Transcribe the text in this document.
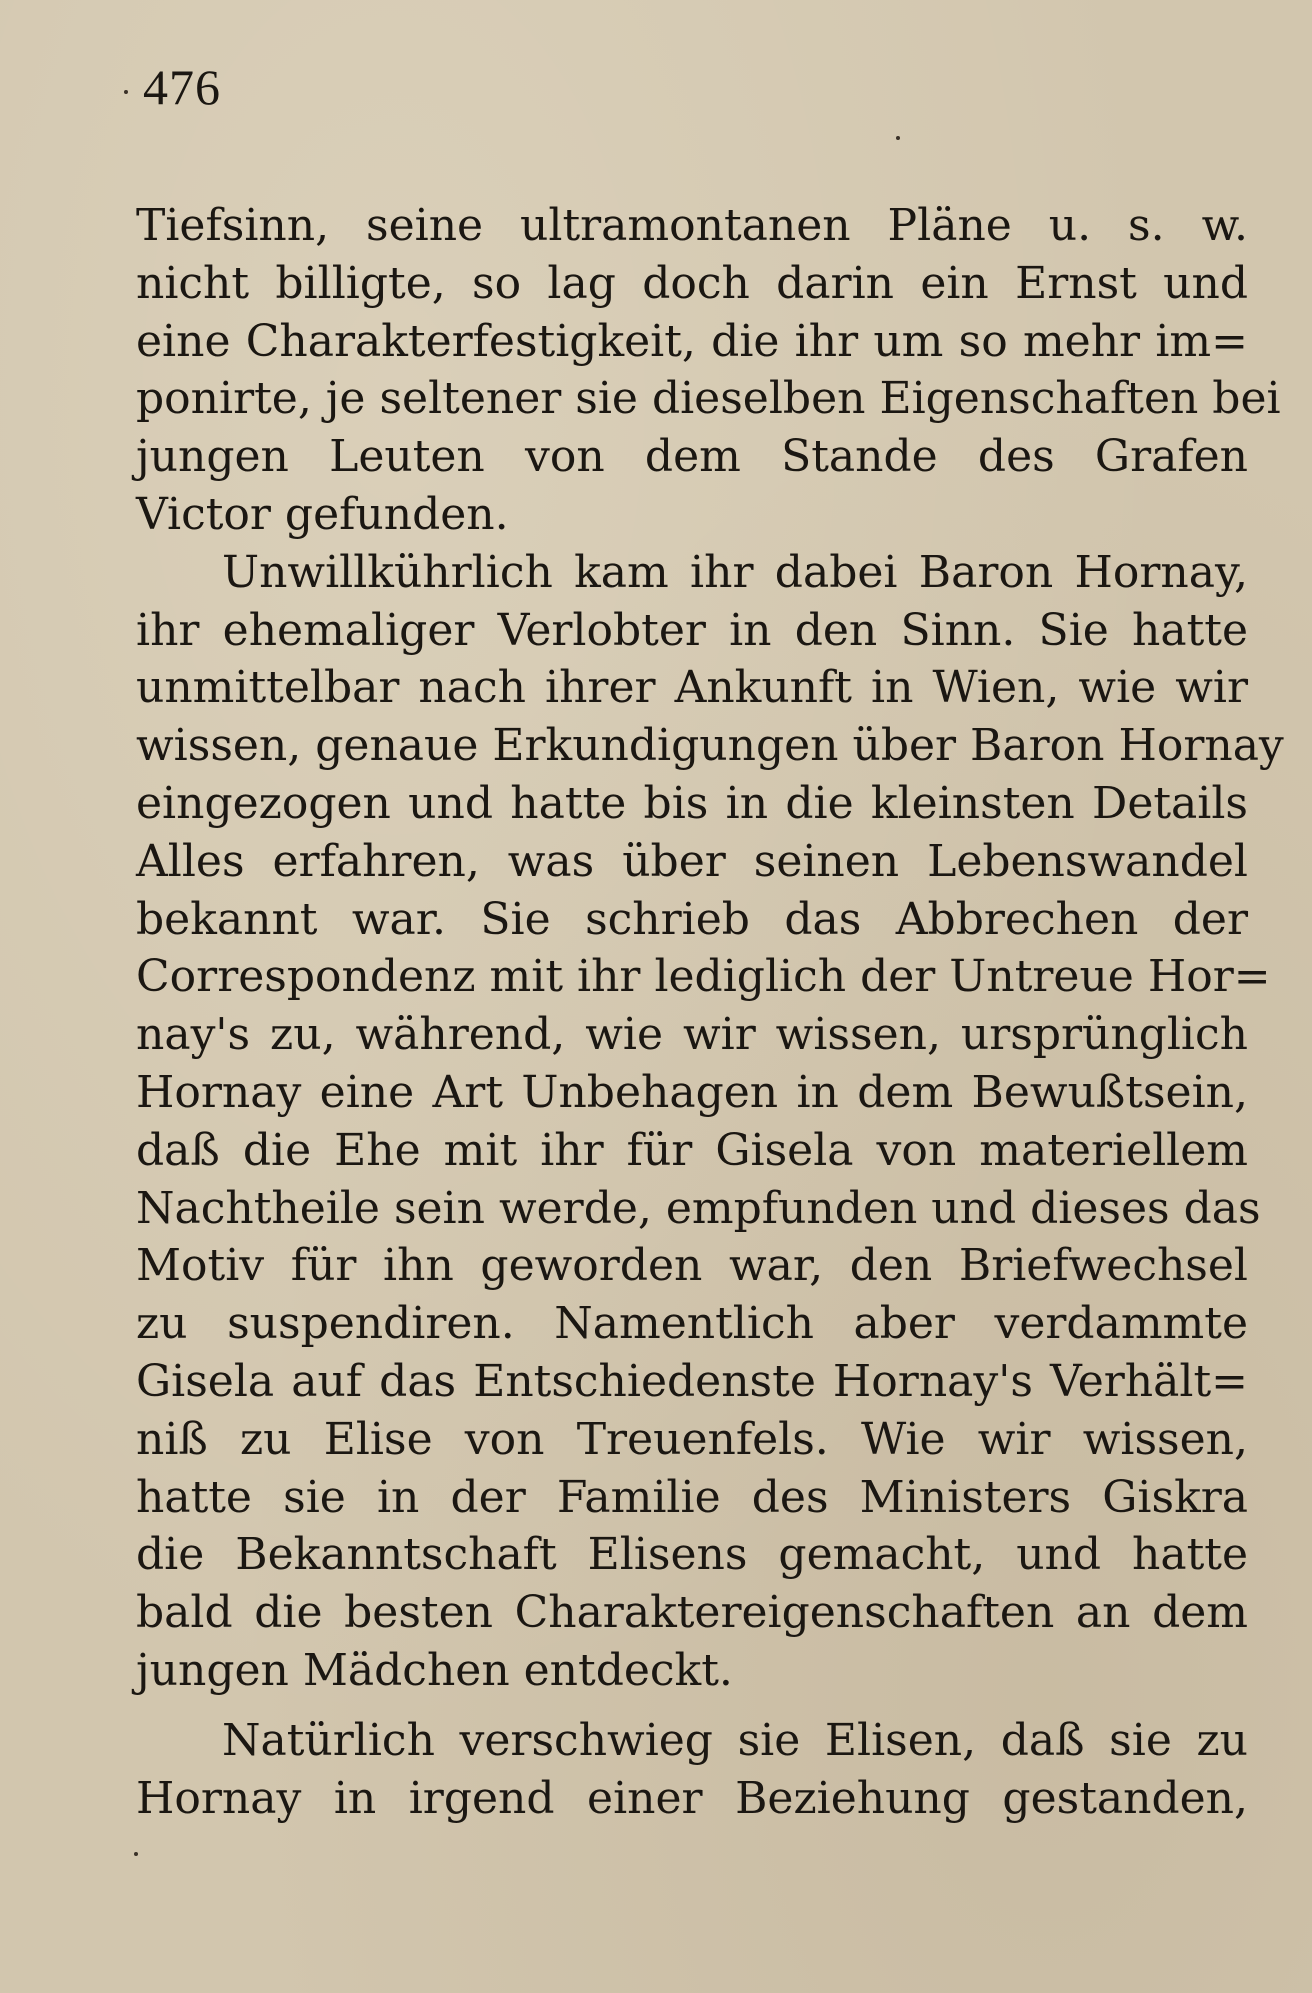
476
Tiefsinn, seine ultramontanen Pläne u. s. w.
nicht billigte, so lag doch darin ein Ernst und
eine Charakterfestigkeit, die ihr um so mehr im=
ponirte, je seltener sie dieselben Eigenschaften bei
jungen Leuten von dem Stande des Grafen
Victor gefunden.
Unwillkührlich kam ihr dabei Baron Hornay,
ihr ehemaliger Verlobter in den Sinn. Sie hatte
unmittelbar nach ihrer Ankunft in Wien, wie wir
wissen, genaue Erkundigungen über Baron Hornay
eingezogen und hatte bis in die kleinsten Details
Alles erfahren, was über seinen Lebenswandel
bekannt war. Sie schrieb das Abbrechen der
Correspondenz mit ihr lediglich der Untreue Hor=
nay's zu, während, wie wir wissen, ursprünglich
Hornay eine Art Unbehagen in dem Bewußtsein,
daß die Ehe mit ihr für Gisela von materiellem
Nachtheile sein werde, empfunden und dieses das
Motiv für ihn geworden war, den Briefwechsel
zu suspendiren. Namentlich aber verdammte
Gisela auf das Entschiedenste Hornay's Verhält=
niß zu Elise von Treuenfels. Wie wir wissen,
hatte sie in der Familie des Ministers Giskra
die Bekanntschaft Elisens gemacht, und hatte
bald die besten Charaktereigenschaften an dem
jungen Mädchen entdeckt.
Natürlich verschwieg sie Elisen, daß sie zu
Hornay in irgend einer Beziehung gestanden,
